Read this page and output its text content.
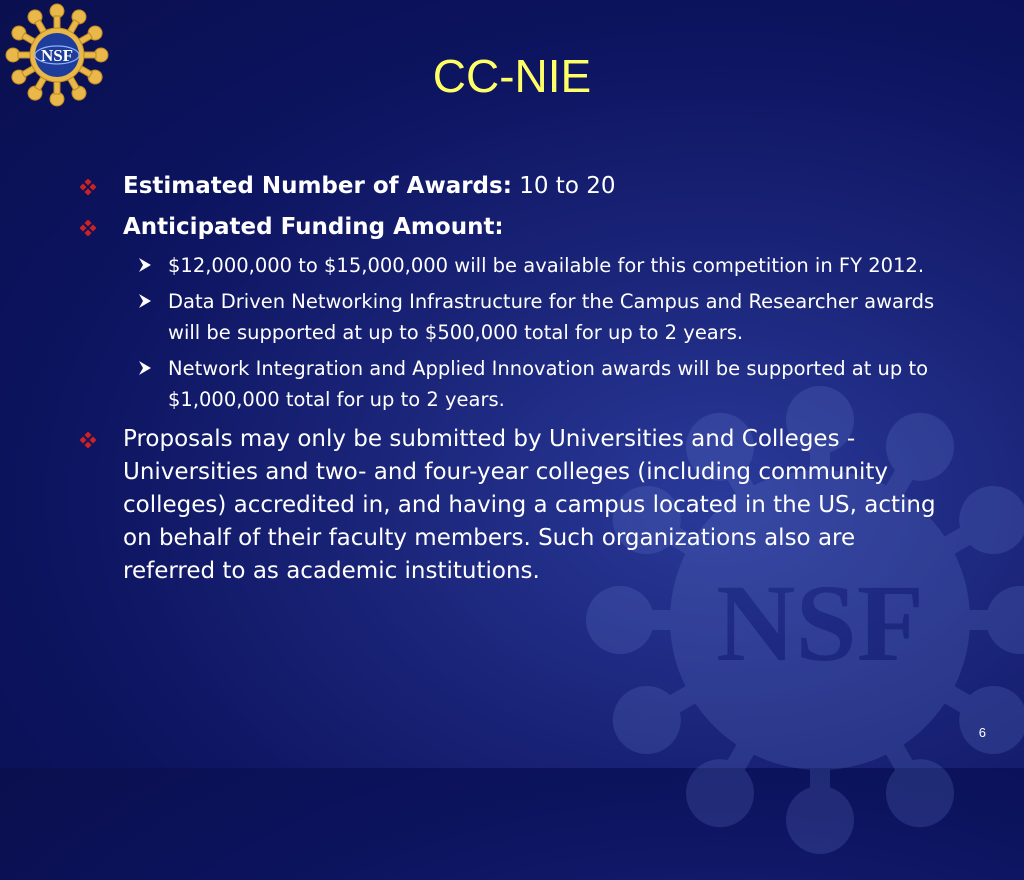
NSF
NSF	CC-NIE
Estimated Number of Awards: 10 to 20
Anticipated Funding Amount:
$12,000,000 to $15,000,000 will be available for this competition in FY 2012.
Data Driven Networking Infrastructure for the Campus and Researcher awards will be supported at up to $500,000 total for up to 2 years.
Network Integration and Applied Innovation awards will be supported at up to $1,000,000 total for up to 2 years.
Proposals may only be submitted by Universities and Colleges - Universities and two- and four-year colleges (including community colleges) accredited in, and having a campus located in the US, acting on behalf of their faculty members. Such organizations also are referred to as academic institutions.
6
